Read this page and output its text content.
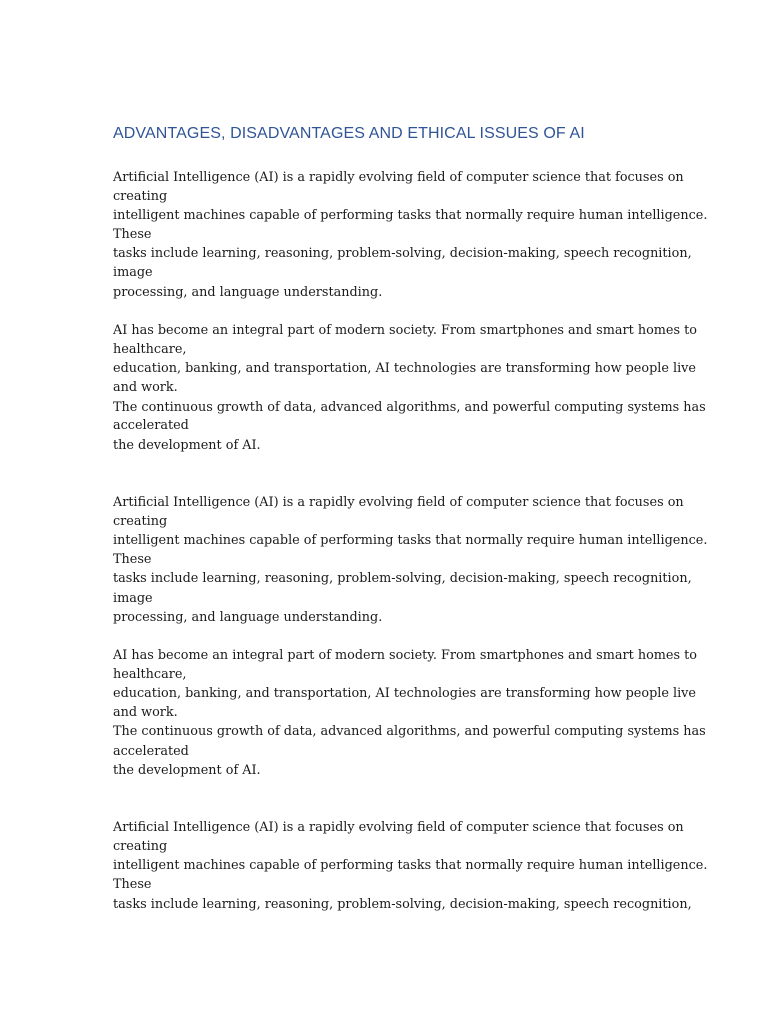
ADVANTAGES, DISADVANTAGES AND ETHICAL ISSUES OF AI

Artificial Intelligence (AI) is a rapidly evolving field of computer science that focuses on

creating

intelligent machines capable of performing tasks that normally require human intelligence.

These

tasks include learning, reasoning, problem-solving, decision-making, speech recognition,

image

processing, and language understanding.

AI has become an integral part of modern society. From smartphones and smart homes to

healthcare,

education, banking, and transportation, AI technologies are transforming how people live

and work.

The continuous growth of data, advanced algorithms, and powerful computing systems has

accelerated

the development of AI.

Artificial Intelligence (AI) is a rapidly evolving field of computer science that focuses on

creating

intelligent machines capable of performing tasks that normally require human intelligence.

These

tasks include learning, reasoning, problem-solving, decision-making, speech recognition,

image

processing, and language understanding.

AI has become an integral part of modern society. From smartphones and smart homes to

healthcare,

education, banking, and transportation, AI technologies are transforming how people live

and work.

The continuous growth of data, advanced algorithms, and powerful computing systems has

accelerated

the development of AI.

Artificial Intelligence (AI) is a rapidly evolving field of computer science that focuses on

creating

intelligent machines capable of performing tasks that normally require human intelligence.

These

tasks include learning, reasoning, problem-solving, decision-making, speech recognition,
